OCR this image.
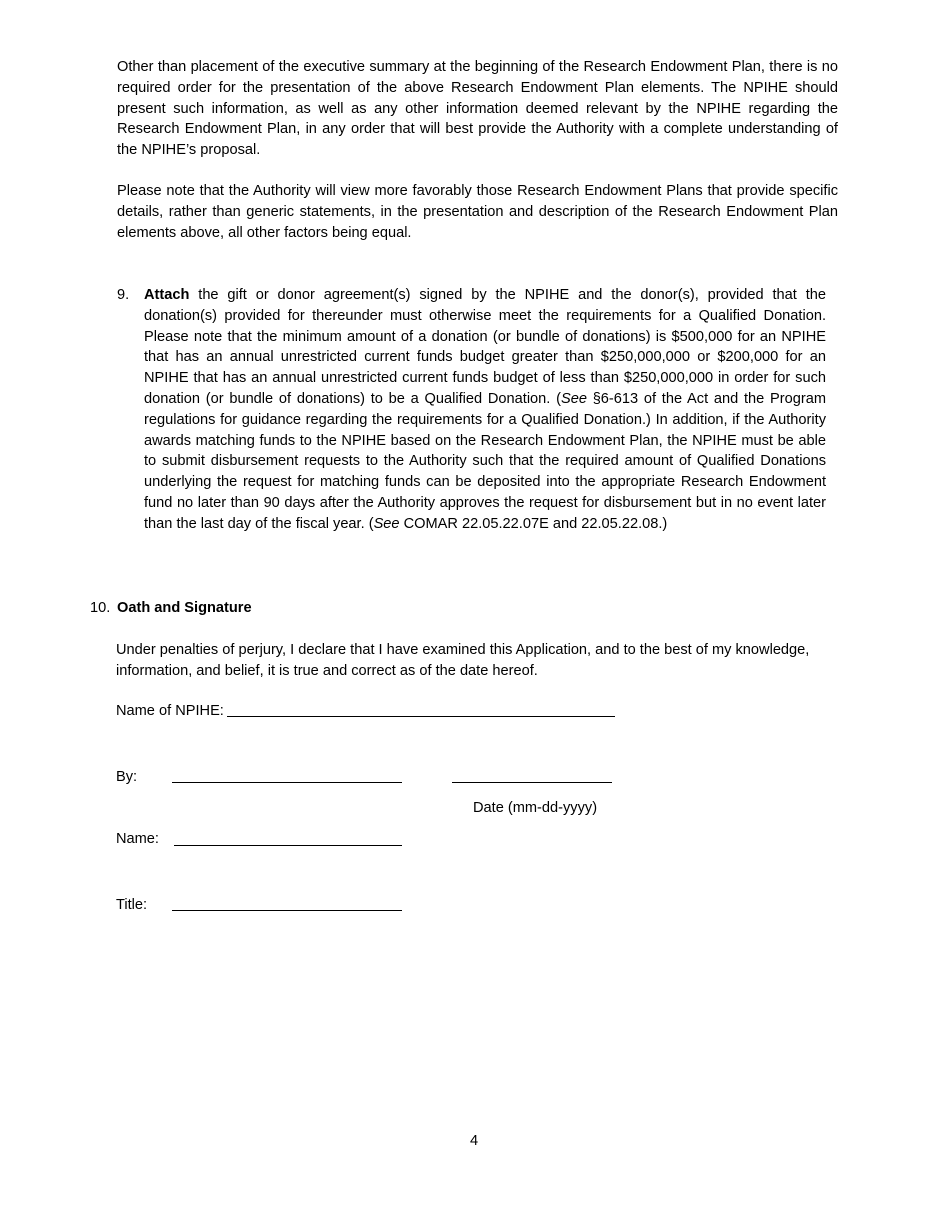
Other than placement of the executive summary at the beginning of the Research Endowment Plan, there is no required order for the presentation of the above Research Endowment Plan elements. The NPIHE should present such information, as well as any other information deemed relevant by the NPIHE regarding the Research Endowment Plan, in any order that will best provide the Authority with a complete understanding of the NPIHE’s proposal.

Please note that the Authority will view more favorably those Research Endowment Plans that provide specific details, rather than generic statements, in the presentation and description of the Research Endowment Plan elements above, all other factors being equal.

9. Attach the gift or donor agreement(s) signed by the NPIHE and the donor(s), provided that the donation(s) provided for thereunder must otherwise meet the requirements for a Qualified Donation. Please note that the minimum amount of a donation (or bundle of donations) is $500,000 for an NPIHE that has an annual unrestricted current funds budget greater than $250,000,000 or $200,000 for an NPIHE that has an annual unrestricted current funds budget of less than $250,000,000 in order for such donation (or bundle of donations) to be a Qualified Donation. (See §6-613 of the Act and the Program regulations for guidance regarding the requirements for a Qualified Donation.) In addition, if the Authority awards matching funds to the NPIHE based on the Research Endowment Plan, the NPIHE must be able to submit disbursement requests to the Authority such that the required amount of Qualified Donations underlying the request for matching funds can be deposited into the appropriate Research Endowment fund no later than 90 days after the Authority approves the request for disbursement but in no event later than the last day of the fiscal year. (See COMAR 22.05.22.07E and 22.05.22.08.)

10. Oath and Signature

Under penalties of perjury, I declare that I have examined this Application, and to the best of my knowledge, information, and belief, it is true and correct as of the date hereof.

Name of NPIHE:
By:
Date (mm-dd-yyyy)
Name:
Title:
4
